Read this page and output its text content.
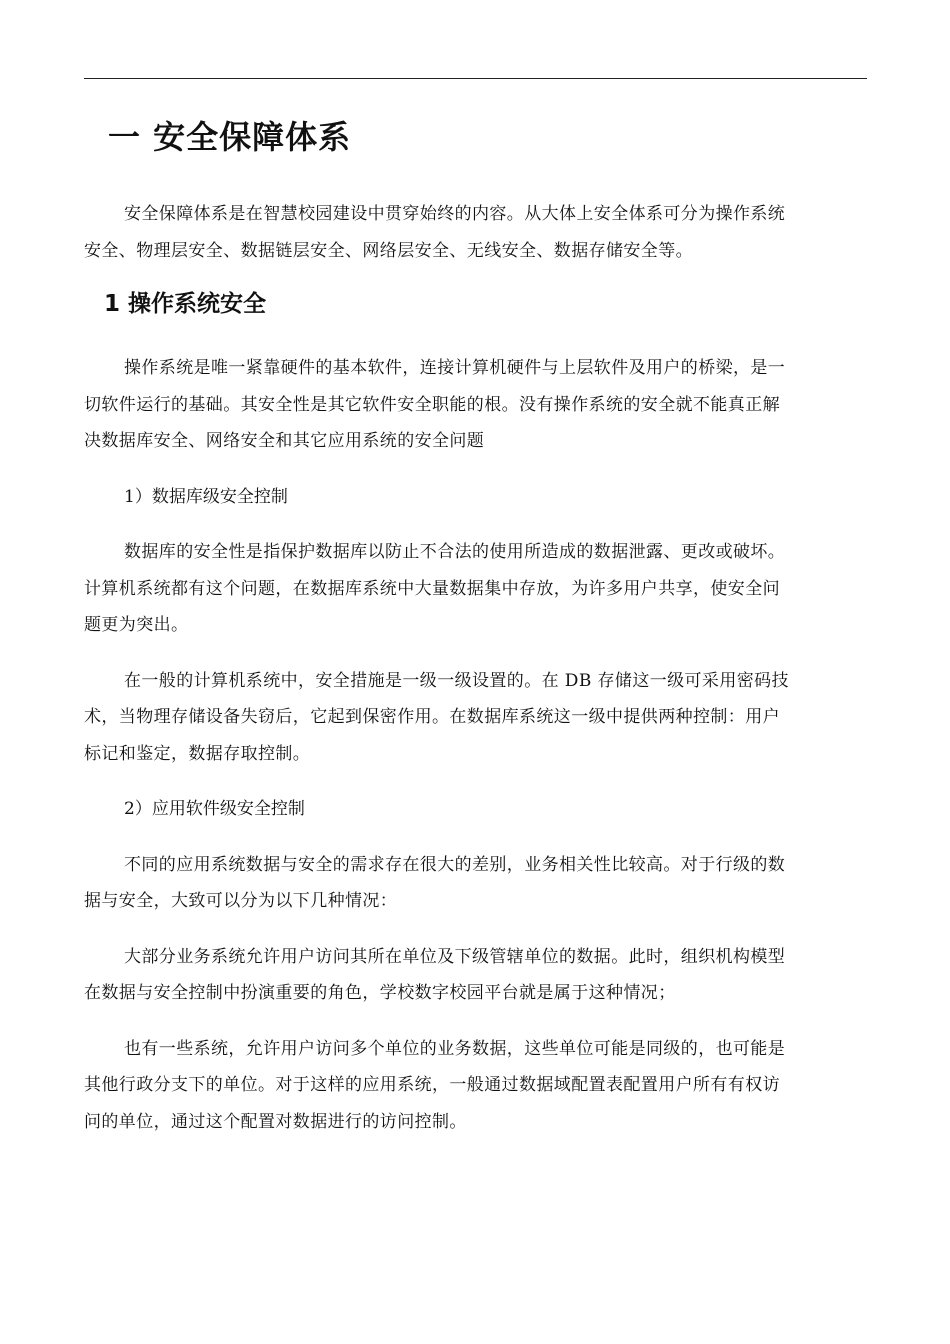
一 安全保障体系

安全保障体系是在智慧校园建设中贯穿始终的内容。从大体上安全体系可分为操作系统
安全、物理层安全、数据链层安全、网络层安全、无线安全、数据存储安全等。

1 操作系统安全

操作系统是唯一紧靠硬件的基本软件，连接计算机硬件与上层软件及用户的桥梁，是一
切软件运行的基础。其安全性是其它软件安全职能的根。没有操作系统的安全就不能真正解
决数据库安全、网络安全和其它应用系统的安全问题

1）数据库级安全控制

数据库的安全性是指保护数据库以防止不合法的使用所造成的数据泄露、更改或破坏。
计算机系统都有这个问题，在数据库系统中大量数据集中存放，为许多用户共享，使安全问
题更为突出。

在一般的计算机系统中，安全措施是一级一级设置的。在 DB 存储这一级可采用密码技
术，当物理存储设备失窃后，它起到保密作用。在数据库系统这一级中提供两种控制：用户
标记和鉴定，数据存取控制。

2）应用软件级安全控制

不同的应用系统数据与安全的需求存在很大的差别，业务相关性比较高。对于行级的数
据与安全，大致可以分为以下几种情况：

大部分业务系统允许用户访问其所在单位及下级管辖单位的数据。此时，组织机构模型
在数据与安全控制中扮演重要的角色，学校数字校园平台就是属于这种情况；

也有一些系统，允许用户访问多个单位的业务数据，这些单位可能是同级的，也可能是
其他行政分支下的单位。对于这样的应用系统，一般通过数据域配置表配置用户所有有权访
问的单位，通过这个配置对数据进行的访问控制。
